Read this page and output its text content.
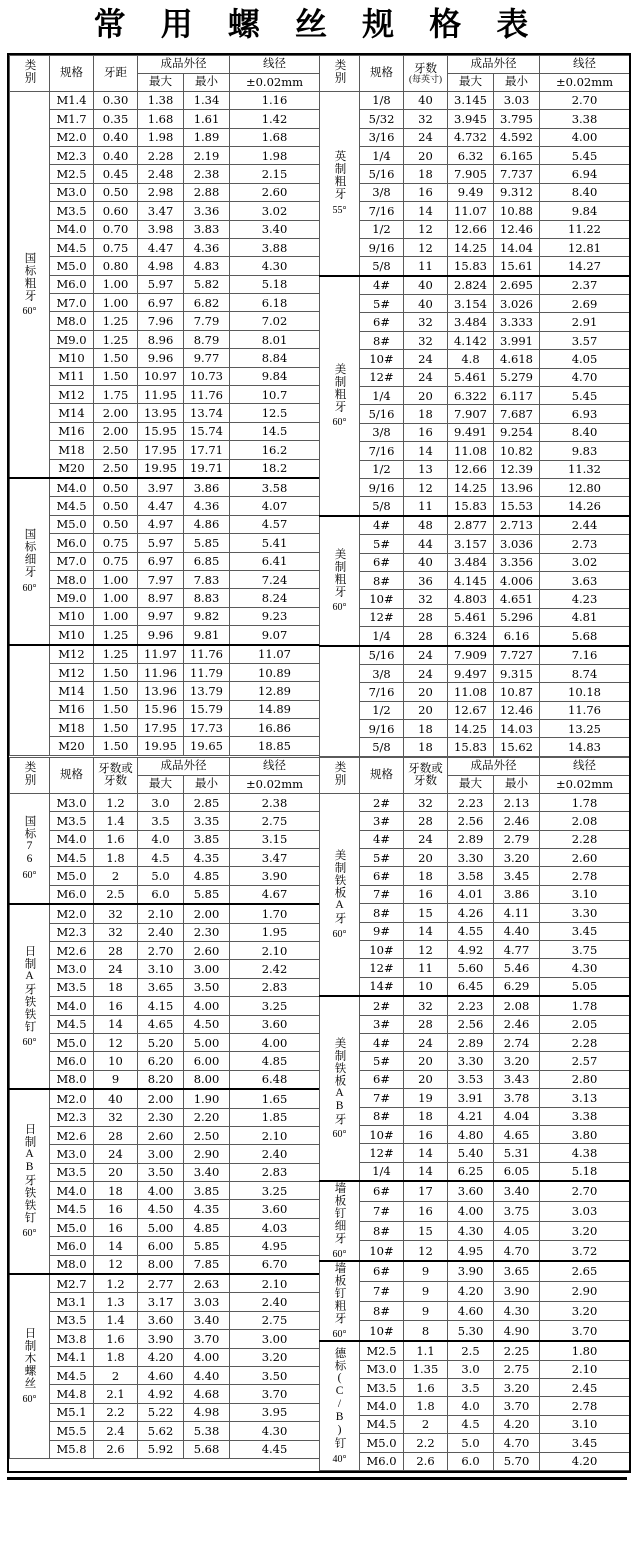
常 用 螺 丝 规 格 表
类别	规格	牙距
	成品外径	线径
最大	最小	±0.02mm
国标粗牙
60°
	M1.4	0.30	1.38	1.34	1.16
M1.7	0.35	1.68	1.61	1.42
M2.0	0.40	1.98	1.89	1.68
M2.3	0.40	2.28	2.19	1.98
M2.5	0.45	2.48	2.38	2.15
M3.0	0.50	2.98	2.88	2.60
M3.5	0.60	3.47	3.36	3.02
M4.0	0.70	3.98	3.83	3.40
M4.5	0.75	4.47	4.36	3.88
M5.0	0.80	4.98	4.83	4.30
M6.0	1.00	5.97	5.82	5.18
M7.0	1.00	6.97	6.82	6.18
M8.0	1.25	7.96	7.79	7.02
M9.0	1.25	8.96	8.79	8.01
M10	1.50	9.96	9.77	8.84
M11	1.50	10.97	10.73	9.84
M12	1.75	11.95	11.76	10.7
M14	2.00	13.95	13.74	12.5
M16	2.00	15.95	15.74	14.5
M18	2.50	17.95	17.71	16.2
M20	2.50	19.95	19.71	18.2
国标细牙
60°
	M4.0	0.50	3.97	3.86	3.58
M4.5	0.50	4.47	4.36	4.07
M5.0	0.50	4.97	4.86	4.57
M6.0	0.75	5.97	5.85	5.41
M7.0	0.75	6.97	6.85	6.41
M8.0	1.00	7.97	7.83	7.24
M9.0	1.00	8.97	8.83	8.24
M10	1.00	9.97	9.82	9.23
M10	1.25	9.96	9.81	9.07
	M12	1.25	11.97	11.76	11.07
M12	1.50	11.96	11.79	10.89
M14	1.50	13.96	13.79	12.89
M16	1.50	15.96	15.79	14.89
M18	1.50	17.95	17.73	16.86
M20	1.50	19.95	19.65	18.85

类别	规格	牙数
(每英寸)
	成品外径	线径
最大	最小	±0.02mm
英制粗牙
55°
	1/8	40	3.145	3.03	2.70
5/32	32	3.945	3.795	3.38
3/16	24	4.732	4.592	4.00
1/4	20	6.32	6.165	5.45
5/16	18	7.905	7.737	6.94
3/8	16	9.49	9.312	8.40
7/16	14	11.07	10.88	9.84
1/2	12	12.66	12.46	11.22
9/16	12	14.25	14.04	12.81
5/8	11	15.83	15.61	14.27
美制粗牙
60°
	4#	40	2.824	2.695	2.37
5#	40	3.154	3.026	2.69
6#	32	3.484	3.333	2.91
8#	32	4.142	3.991	3.57
10#	24	4.8	4.618	4.05
12#	24	5.461	5.279	4.70
1/4	20	6.322	6.117	5.45
5/16	18	7.907	7.687	6.93
3/8	16	9.491	9.254	8.40
7/16	14	11.08	10.82	9.83
1/2	13	12.66	12.39	11.32
9/16	12	14.25	13.96	12.80
5/8	11	15.83	15.53	14.26
美制粗牙
60°
	4#	48	2.877	2.713	2.44
5#	44	3.157	3.036	2.73
6#	40	3.484	3.356	3.02
8#	36	4.145	4.006	3.63
10#	32	4.803	4.651	4.23
12#	28	5.461	5.296	4.81
1/4	28	6.324	6.16	5.68
	5/16	24	7.909	7.727	7.16
3/8	24	9.497	9.315	8.74
7/16	20	11.08	10.87	10.18
1/2	20	12.67	12.46	11.76
9/16	18	14.25	14.03	13.25
5/8	18	15.83	15.62	14.83

类别	规格	
牙数或牙数
	成品外径	线径
最大	最小	±0.02mm
国标76
60°
	M3.0	1.2	3.0	2.85	2.38
M3.5	1.4	3.5	3.35	2.75
M4.0	1.6	4.0	3.85	3.15
M4.5	1.8	4.5	4.35	3.47
M5.0	2	5.0	4.85	3.90
M6.0	2.5	6.0	5.85	4.67
日制A牙铁铁钉
60°
	M2.0	32	2.10	2.00	1.70
M2.3	32	2.40	2.30	1.95
M2.6	28	2.70	2.60	2.10
M3.0	24	3.10	3.00	2.42
M3.5	18	3.65	3.50	2.83
M4.0	16	4.15	4.00	3.25
M4.5	14	4.65	4.50	3.60
M5.0	12	5.20	5.00	4.00
M6.0	10	6.20	6.00	4.85
M8.0	9	8.20	8.00	6.48
日制AB牙铁铁钉
60°
	M2.0	40	2.00	1.90	1.65
M2.3	32	2.30	2.20	1.85
M2.6	28	2.60	2.50	2.10
M3.0	24	3.00	2.90	2.40
M3.5	20	3.50	3.40	2.83
M4.0	18	4.00	3.85	3.25
M4.5	16	4.50	4.35	3.60
M5.0	16	5.00	4.85	4.03
M6.0	14	6.00	5.85	4.95
M8.0	12	8.00	7.85	6.70
日制木螺丝
60°
	M2.7	1.2	2.77	2.63	2.10
M3.1	1.3	3.17	3.03	2.40
M3.5	1.4	3.60	3.40	2.75
M3.8	1.6	3.90	3.70	3.00
M4.1	1.8	4.20	4.00	3.20
M4.5	2	4.60	4.40	3.50
M4.8	2.1	4.92	4.68	3.70
M5.1	2.2	5.22	4.98	3.95
M5.5	2.4	5.62	5.38	4.30
M5.8	2.6	5.92	5.68	4.45

类别	规格	
牙数或牙数
	成品外径	线径
最大	最小	±0.02mm
美制铁板A牙
60°
	2#	32	2.23	2.13	1.78
3#	28	2.56	2.46	2.08
4#	24	2.89	2.79	2.28
5#	20	3.30	3.20	2.60
6#	18	3.58	3.45	2.78
7#	16	4.01	3.86	3.10
8#	15	4.26	4.11	3.30
9#	14	4.55	4.40	3.45
10#	12	4.92	4.77	3.75
12#	11	5.60	5.46	4.30
14#	10	6.45	6.29	5.05
美制铁板AB牙
60°
	2#	32	2.23	2.08	1.78
3#	28	2.56	2.46	2.05
4#	24	2.89	2.74	2.28
5#	20	3.30	3.20	2.57
6#	20	3.53	3.43	2.80
7#	19	3.91	3.78	3.13
8#	18	4.21	4.04	3.38
10#	16	4.80	4.65	3.80
12#	14	5.40	5.31	4.38
1/4	14	6.25	6.05	5.18
墙板钉细牙
60°
	6#	17	3.60	3.40	2.70
7#	16	4.00	3.75	3.03
8#	15	4.30	4.05	3.20
10#	12	4.95	4.70	3.72
墙板钉粗牙
60°
	6#	9	3.90	3.65	2.65
7#	9	4.20	3.90	2.90
8#	9	4.60	4.30	3.20
10#	8	5.30	4.90	3.70
德标(C/B)钉
40°
	M2.5	1.1	2.5	2.25	1.80
M3.0	1.35	3.0	2.75	2.10
M3.5	1.6	3.5	3.20	2.45
M4.0	1.8	4.0	3.70	2.78
M4.5	2	4.5	4.20	3.10
M5.0	2.2	5.0	4.70	3.45
M6.0	2.6	6.0	5.70	4.20
